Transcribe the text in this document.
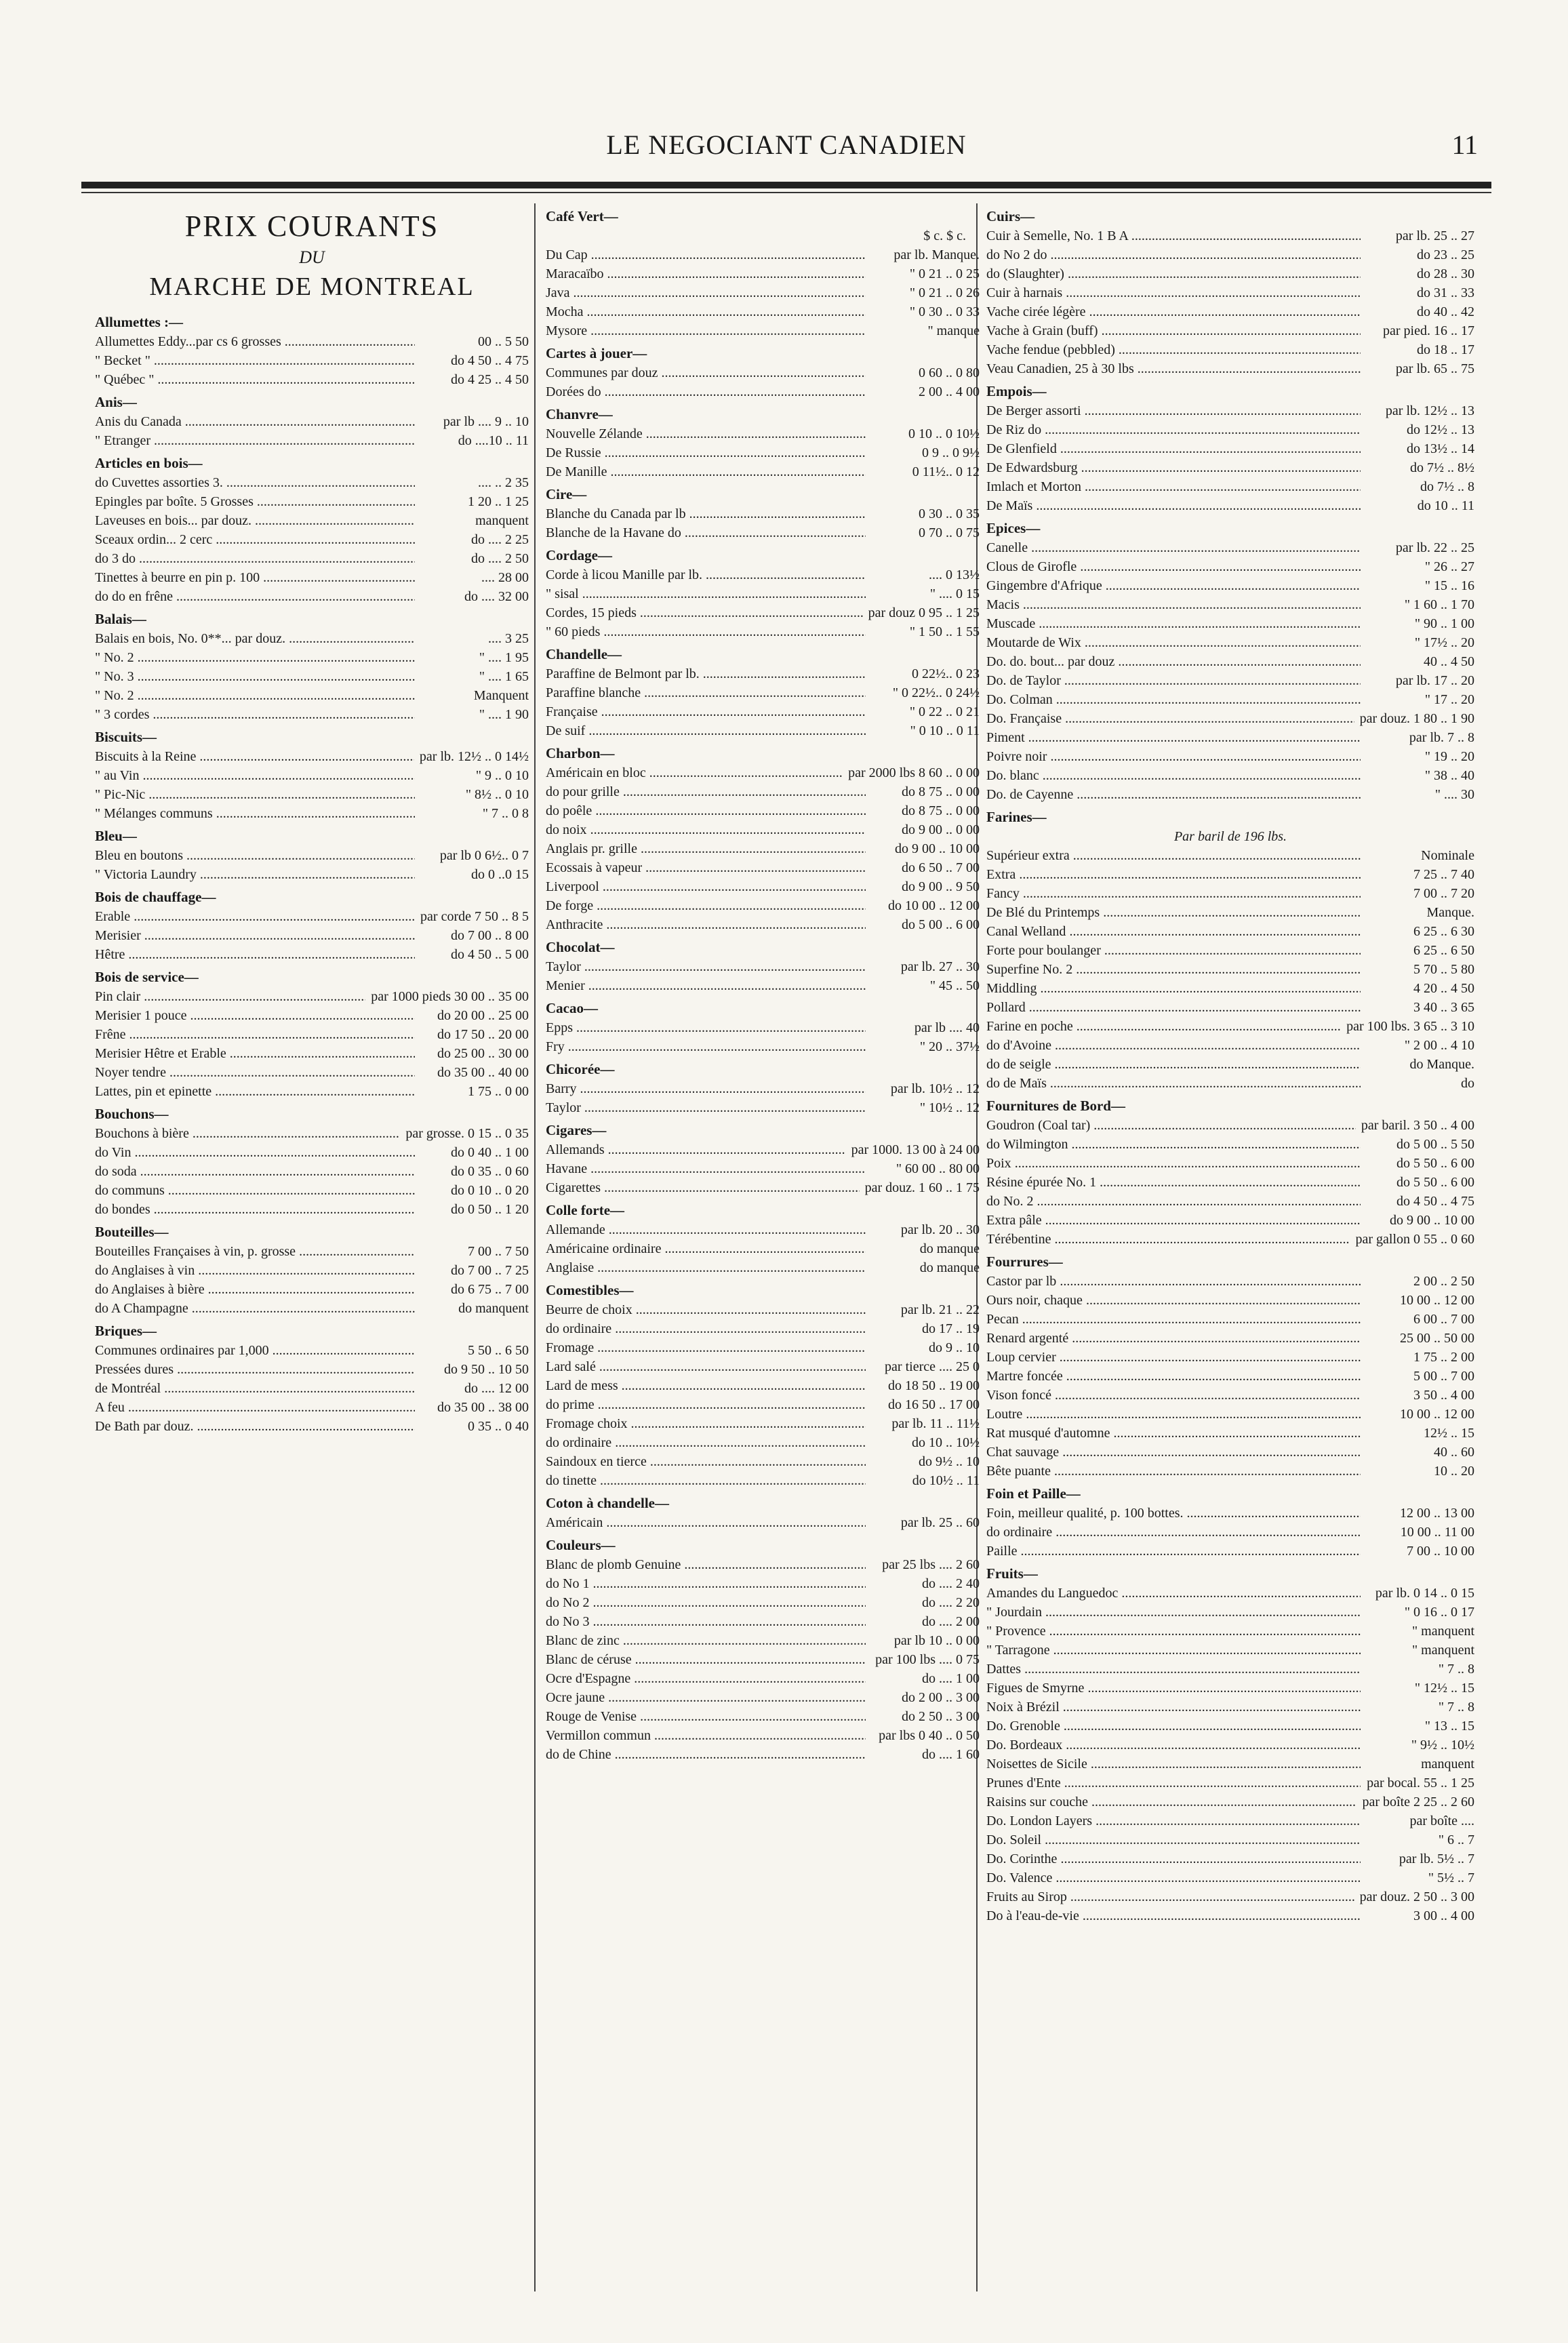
LE NEGOCIANT CANADIEN	11
PRIX COURANTS
DU
MARCHE DE MONTREAL
Allumettes :—
Allumettes Eddy...par cs 6 grosses .....	00 .. 5 50
" Becket " .....	do 4 50 .. 4 75
" Québec " .....	do 4 25 .. 4 50
Anis—
Anis du Canada .....	par lb .... 9 .. 10
" Etranger .....	do ....10 .. 11
Articles en bois—
do Cuvettes assorties 3. .....	.... .. 2 35
Epingles par boîte. 5 Grosses .....	1 20 .. 1 25
Laveuses en bois... par douz. .....	manquent
Sceaux ordin... 2 cerc .....	do .... 2 25
do 3 do .....	do .... 2 50
Tinettes à beurre en pin p. 100 .....	.... 28 00
do do en frêne .....	do .... 32 00
Balais—
Balais en bois, No. 0**... par douz. .....	.... 3 25
" No. 2 .....	" .... 1 95
" No. 3 .....	" .... 1 65
" No. 2 .....	Manquent
" 3 cordes .....	" .... 1 90
Biscuits—
Biscuits à la Reine .....	par lb. 12½ .. 0 14½
" au Vin .....	" 9 .. 0 10
" Pic-Nic .....	" 8½ .. 0 10
" Mélanges communs .....	" 7 .. 0 8
Bleu—
Bleu en boutons .....	par lb 0 6½.. 0 7
" Victoria Laundry .....	do 0 ..0 15
Bois de chauffage—
Erable .....	par corde 7 50 .. 8 5
Merisier .....	do 7 00 .. 8 00
Hêtre .....	do 4 50 .. 5 00
Bois de service—
Pin clair .....	par 1000 pieds 30 00 .. 35 00
Merisier 1 pouce .....	do 20 00 .. 25 00
Frêne .....	do 17 50 .. 20 00
Merisier Hêtre et Erable .....	do 25 00 .. 30 00
Noyer tendre .....	do 35 00 .. 40 00
Lattes, pin et epinette .....	1 75 .. 0 00
Bouchons—
Bouchons à bière .....	par grosse. 0 15 .. 0 35
do Vin .....	do 0 40 .. 1 00
do soda .....	do 0 35 .. 0 60
do communs .....	do 0 10 .. 0 20
do bondes .....	do 0 50 .. 1 20
Bouteilles—
Bouteilles Françaises à vin, p. grosse .....	7 00 .. 7 50
do Anglaises à vin .....	do 7 00 .. 7 25
do Anglaises à bière .....	do 6 75 .. 7 00
do A Champagne .....	do manquent
Briques—
Communes ordinaires par 1,000 .....	5 50 .. 6 50
Pressées dures .....	do 9 50 .. 10 50
de Montréal .....	do .... 12 00
A feu .....	do 35 00 .. 38 00
De Bath par douz. .....	0 35 .. 0 40
Café Vert—
$ c. $ c.
Du Cap .....	par lb. Manque.
Maracaïbo .....	" 0 21 .. 0 25
Java .....	" 0 21 .. 0 26
Mocha .....	" 0 30 .. 0 33
Mysore .....	" manque
Cartes à jouer—
Communes par douz .....	0 60 .. 0 80
Dorées do .....	2 00 .. 4 00
Chanvre—
Nouvelle Zélande .....	0 10 .. 0 10½
De Russie .....	0 9 .. 0 9½
De Manille .....	0 11½.. 0 12
Cire—
Blanche du Canada par lb .....	0 30 .. 0 35
Blanche de la Havane do .....	0 70 .. 0 75
Cordage—
Corde à licou Manille par lb. .....	.... 0 13½
" sisal .....	" .... 0 15
Cordes, 15 pieds .....	par douz 0 95 .. 1 25
" 60 pieds .....	" 1 50 .. 1 55
Chandelle—
Paraffine de Belmont par lb. .....	0 22½.. 0 23
Paraffine blanche .....	" 0 22½.. 0 24½
Française .....	" 0 22 .. 0 21
De suif .....	" 0 10 .. 0 11
Charbon—
Américain en bloc .....	par 2000 lbs 8 60 .. 0 00
do pour grille .....	do 8 75 .. 0 00
do poêle .....	do 8 75 .. 0 00
do noix .....	do 9 00 .. 0 00
Anglais pr. grille .....	do 9 00 .. 10 00
Ecossais à vapeur .....	do 6 50 .. 7 00
Liverpool .....	do 9 00 .. 9 50
De forge .....	do 10 00 .. 12 00
Anthracite .....	do 5 00 .. 6 00
Chocolat—
Taylor .....	par lb. 27 .. 30
Menier .....	" 45 .. 50
Cacao—
Epps .....	par lb .... 40
Fry .....	" 20 .. 37½
Chicorée—
Barry .....	par lb. 10½ .. 12
Taylor .....	" 10½ .. 12
Cigares—
Allemands .....	par 1000. 13 00 à 24 00
Havane .....	" 60 00 .. 80 00
Cigarettes .....	par douz. 1 60 .. 1 75
Colle forte—
Allemande .....	par lb. 20 .. 30
Américaine ordinaire .....	do manque
Anglaise .....	do manque
Comestibles—
Beurre de choix .....	par lb. 21 .. 22
do ordinaire .....	do 17 .. 19
Fromage .....	do 9 .. 10
Lard salé .....	par tierce .... 25 0
Lard de mess .....	do 18 50 .. 19 00
do prime .....	do 16 50 .. 17 00
Fromage choix .....	par lb. 11 .. 11½
do ordinaire .....	do 10 .. 10½
Saindoux en tierce .....	do 9½ .. 10
do tinette .....	do 10½ .. 11
Coton à chandelle—
Américain .....	par lb. 25 .. 60
Couleurs—
Blanc de plomb Genuine .....	par 25 lbs .... 2 60
do No 1 .....	do .... 2 40
do No 2 .....	do .... 2 20
do No 3 .....	do .... 2 00
Blanc de zinc .....	par lb 10 .. 0 00
Blanc de céruse .....	par 100 lbs .... 0 75
Ocre d'Espagne .....	do .... 1 00
Ocre jaune .....	do 2 00 .. 3 00
Rouge de Venise .....	do 2 50 .. 3 00
Vermillon commun .....	par lbs 0 40 .. 0 50
do de Chine .....	do .... 1 60
Cuirs—
Cuir à Semelle, No. 1 B A .....	par lb. 25 .. 27
do No 2 do .....	do 23 .. 25
do (Slaughter) .....	do 28 .. 30
Cuir à harnais .....	do 31 .. 33
Vache cirée légère .....	do 40 .. 42
Vache à Grain (buff) .....	par pied. 16 .. 17
Vache fendue (pebbled) .....	do 18 .. 17
Veau Canadien, 25 à 30 lbs .....	par lb. 65 .. 75
Empois—
De Berger assorti .....	par lb. 12½ .. 13
De Riz do .....	do 12½ .. 13
De Glenfield .....	do 13½ .. 14
De Edwardsburg .....	do 7½ .. 8½
Imlach et Morton .....	do 7½ .. 8
De Maïs .....	do 10 .. 11
Epices—
Canelle .....	par lb. 22 .. 25
Clous de Girofle .....	" 26 .. 27
Gingembre d'Afrique .....	" 15 .. 16
Macis .....	" 1 60 .. 1 70
Muscade .....	" 90 .. 1 00
Moutarde de Wix .....	" 17½ .. 20
Do. do. bout... par douz .....	40 .. 4 50
Do. de Taylor .....	par lb. 17 .. 20
Do. Colman .....	" 17 .. 20
Do. Française .....	par douz. 1 80 .. 1 90
Piment .....	par lb. 7 .. 8
Poivre noir .....	" 19 .. 20
Do. blanc .....	" 38 .. 40
Do. de Cayenne .....	" .... 30
Farines—
Par baril de 196 lbs.
Supérieur extra .....	Nominale
Extra .....	7 25 .. 7 40
Fancy .....	7 00 .. 7 20
De Blé du Printemps .....	Manque.
Canal Welland .....	6 25 .. 6 30
Forte pour boulanger .....	6 25 .. 6 50
Superfine No. 2 .....	5 70 .. 5 80
Middling .....	4 20 .. 4 50
Pollard .....	3 40 .. 3 65
Farine en poche .....	par 100 lbs. 3 65 .. 3 10
do d'Avoine .....	" 2 00 .. 4 10
do de seigle .....	do Manque.
do de Maïs .....	do
Fournitures de Bord—
Goudron (Coal tar) .....	par baril. 3 50 .. 4 00
do Wilmington .....	do 5 00 .. 5 50
Poix .....	do 5 50 .. 6 00
Résine épurée No. 1 .....	do 5 50 .. 6 00
do No. 2 .....	do 4 50 .. 4 75
Extra pâle .....	do 9 00 .. 10 00
Térébentine .....	par gallon 0 55 .. 0 60
Fourrures—
Castor par lb .....	2 00 .. 2 50
Ours noir, chaque .....	10 00 .. 12 00
Pecan .....	6 00 .. 7 00
Renard argenté .....	25 00 .. 50 00
Loup cervier .....	1 75 .. 2 00
Martre foncée .....	5 00 .. 7 00
Vison foncé .....	3 50 .. 4 00
Loutre .....	10 00 .. 12 00
Rat musqué d'automne .....	12½ .. 15
Chat sauvage .....	40 .. 60
Bête puante .....	10 .. 20
Foin et Paille—
Foin, meilleur qualité, p. 100 bottes. .....	12 00 .. 13 00
do ordinaire .....	10 00 .. 11 00
Paille .....	7 00 .. 10 00
Fruits—
Amandes du Languedoc .....	par lb. 0 14 .. 0 15
" Jourdain .....	" 0 16 .. 0 17
" Provence .....	" manquent
" Tarragone .....	" manquent
Dattes .....	" 7 .. 8
Figues de Smyrne .....	" 12½ .. 15
Noix à Brézil .....	" 7 .. 8
Do. Grenoble .....	" 13 .. 15
Do. Bordeaux .....	" 9½ .. 10½
Noisettes de Sicile .....	manquent
Prunes d'Ente .....	par bocal. 55 .. 1 25
Raisins sur couche .....	par boîte 2 25 .. 2 60
Do. London Layers .....	par boîte ....
Do. Soleil .....	" 6 .. 7
Do. Corinthe .....	par lb. 5½ .. 7
Do. Valence .....	" 5½ .. 7
Fruits au Sirop .....	par douz. 2 50 .. 3 00
Do à l'eau-de-vie .....	3 00 .. 4 00
